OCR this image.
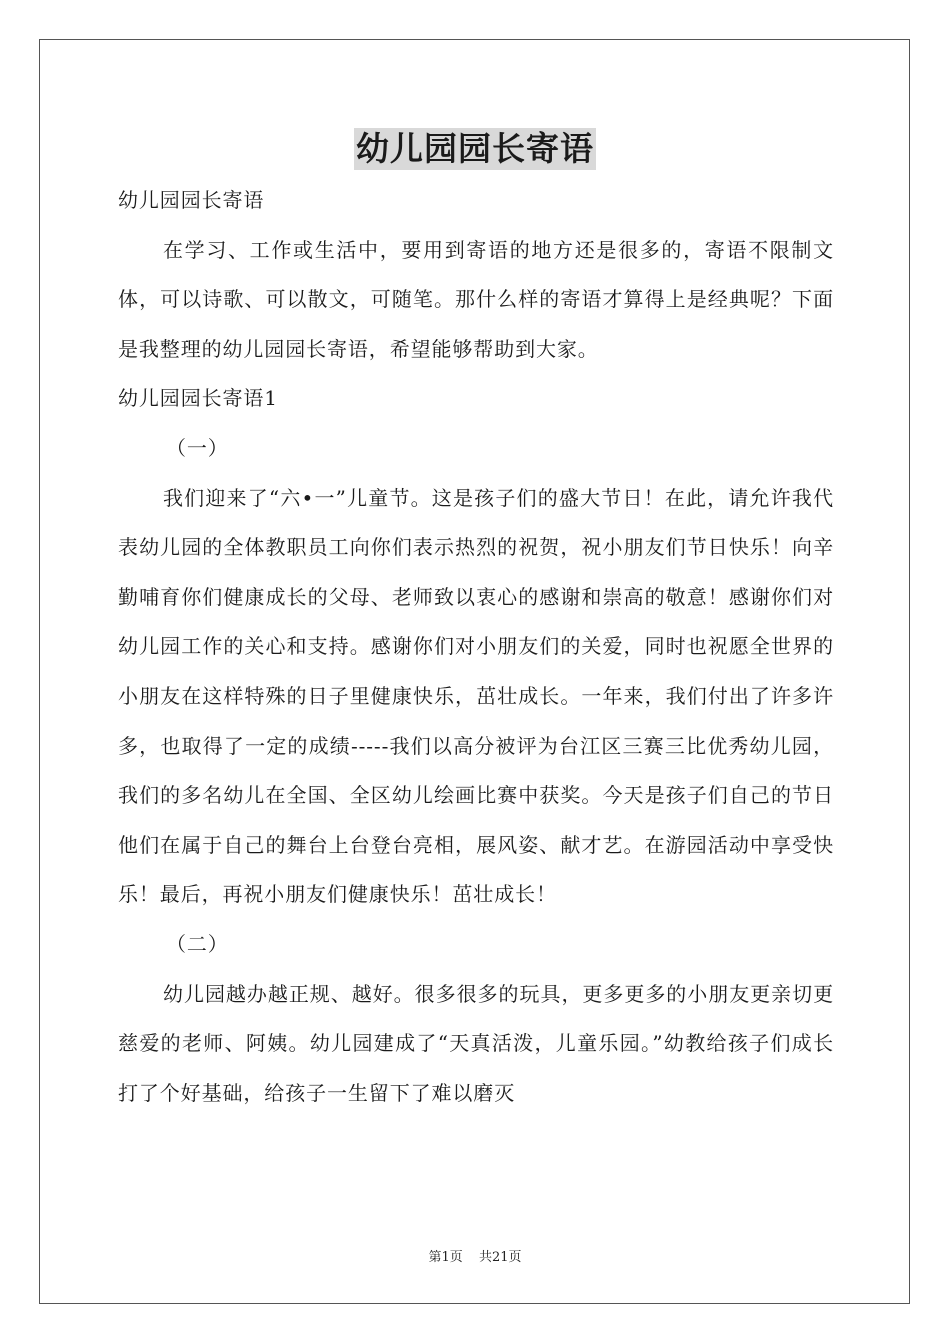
幼儿园园长寄语

幼儿园园长寄语

在学习、工作或生活中，要用到寄语的地方还是很多的，寄语不限制文体，可以诗歌、可以散文，可随笔。那什么样的寄语才算得上是经典呢？下面是我整理的幼儿园园长寄语，希望能够帮助到大家。

幼儿园园长寄语1

（一）

我们迎来了“六•一”儿童节。这是孩子们的盛大节日！在此，请允许我代表幼儿园的全体教职员工向你们表示热烈的祝贺，祝小朋友们节日快乐！向辛勤哺育你们健康成长的父母、老师致以衷心的感谢和崇高的敬意！感谢你们对幼儿园工作的关心和支持。感谢你们对小朋友们的关爱，同时也祝愿全世界的小朋友在这样特殊的日子里健康快乐，茁壮成长。一年来，我们付出了许多许多，也取得了一定的成绩-----我们以高分被评为台江区三赛三比优秀幼儿园，我们的多名幼儿在全国、全区幼儿绘画比赛中获奖。今天是孩子们自己的节日他们在属于自己的舞台上台登台亮相，展风姿、献才艺。在游园活动中享受快乐！最后，再祝小朋友们健康快乐！茁壮成长！

（二）

幼儿园越办越正规、越好。很多很多的玩具，更多更多的小朋友更亲切更慈爱的老师、阿姨。幼儿园建成了“天真活泼，儿童乐园。”幼教给孩子们成长打了个好基础，给孩子一生留下了难以磨灭

第1页 共21页
